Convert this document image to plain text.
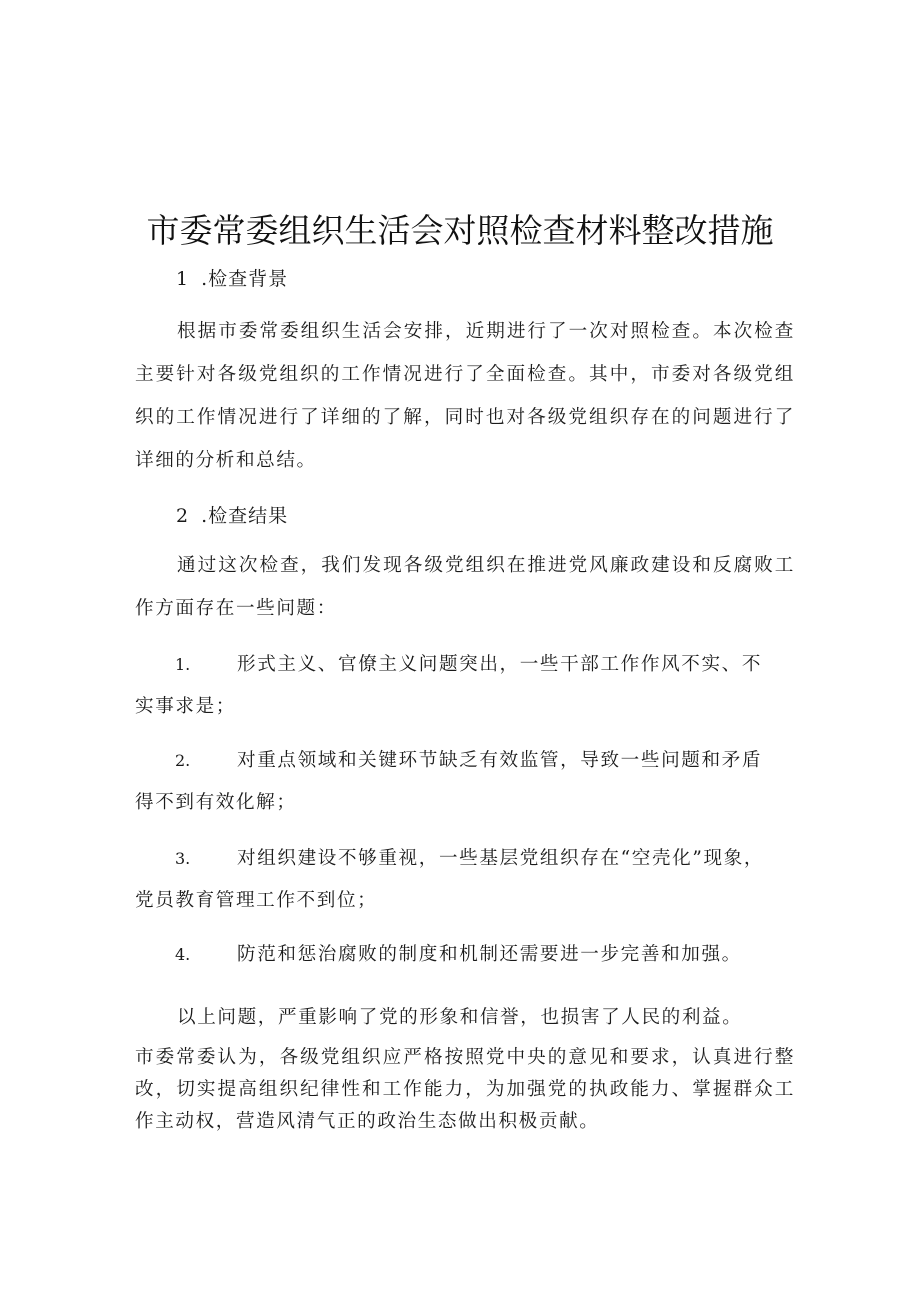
市委常委组织生活会对照检查材料整改措施

1 .检查背景

根据市委常委组织生活会安排，近期进行了一次对照检查。本次检查主要针对各级党组织的工作情况进行了全面检查。其中，市委对各级党组织的工作情况进行了详细的了解，同时也对各级党组织存在的问题进行了详细的分析和总结。

2 .检查结果

通过这次检查，我们发现各级党组织在推进党风廉政建设和反腐败工作方面存在一些问题：

1.	形式主义、官僚主义问题突出，一些干部工作作风不实、不实事求是；
2.	对重点领域和关键环节缺乏有效监管，导致一些问题和矛盾得不到有效化解；
3.	对组织建设不够重视，一些基层党组织存在“空壳化”现象，党员教育管理工作不到位；
4.	防范和惩治腐败的制度和机制还需要进一步完善和加强。

以上问题，严重影响了党的形象和信誉，也损害了人民的利益。

市委常委认为，各级党组织应严格按照党中央的意见和要求，认真进行整改，切实提高组织纪律性和工作能力，为加强党的执政能力、掌握群众工作主动权，营造风清气正的政治生态做出积极贡献。
